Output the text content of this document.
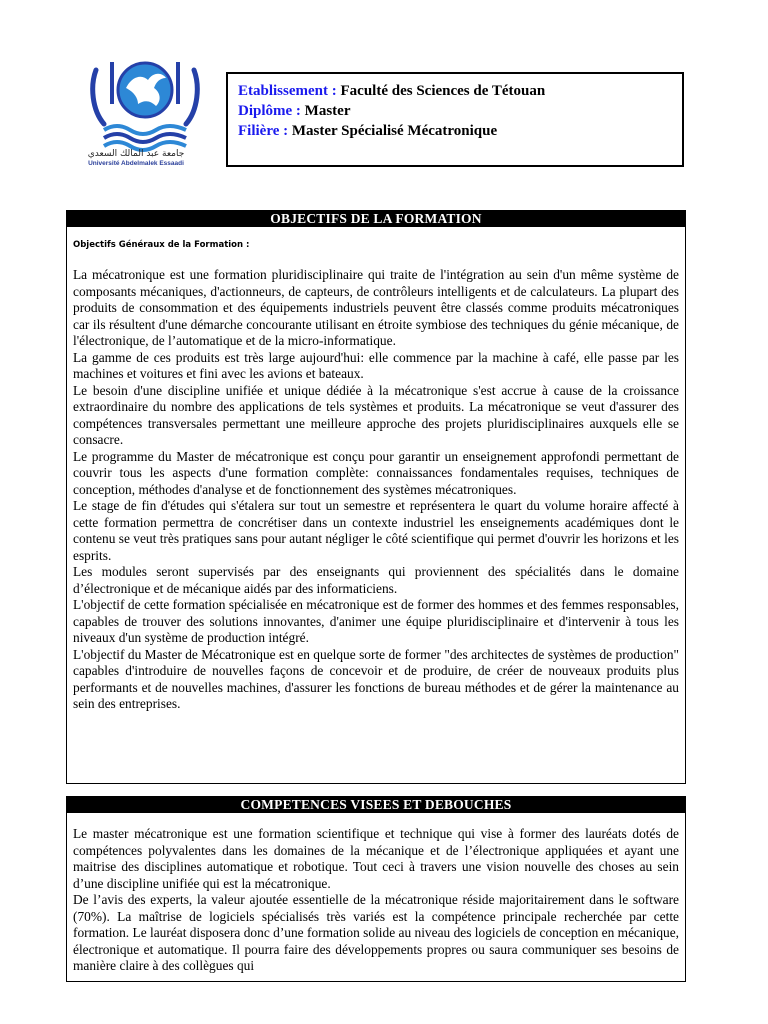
جامعة عبد المالك السعدي
Université Abdelmalek Essaadi
Etablissement : Faculté des Sciences de Tétouan
Diplôme : Master
Filière : Master Spécialisé Mécatronique
OBJECTIFS DE LA FORMATION
Objectifs Généraux de la Formation :

La mécatronique est une formation pluridisciplinaire qui traite de l'intégration au sein d'un même système de composants mécaniques, d'actionneurs, de capteurs, de contrôleurs intelligents et de calculateurs. La plupart des produits de consommation et des équipements industriels peuvent être classés comme produits mécatroniques car ils résultent d'une démarche concourante utilisant en étroite symbiose des techniques du génie mécanique, de l'électronique, de l’automatique et de la micro-informatique.

La gamme de ces produits est très large aujourd'hui: elle commence par la machine à café, elle passe par les machines et voitures et fini avec les avions et bateaux.

Le besoin d'une discipline unifiée et unique dédiée à la mécatronique s'est accrue à cause de la croissance extraordinaire du nombre des applications de tels systèmes et produits. La mécatronique se veut d'assurer des compétences transversales permettant une meilleure approche des projets pluridisciplinaires auxquels elle se consacre.

Le programme du Master de mécatronique est conçu pour garantir un enseignement approfondi permettant de couvrir tous les aspects d'une formation complète: connaissances fondamentales requises, techniques de conception, méthodes d'analyse et de fonctionnement des systèmes mécatroniques.

Le stage de fin d'études qui s'étalera sur tout un semestre et représentera le quart du volume horaire affecté à cette formation permettra de concrétiser dans un contexte industriel les enseignements académiques dont le contenu se veut très pratiques sans pour autant négliger le côté scientifique qui permet d'ouvrir les horizons et les esprits.

Les modules seront supervisés par des enseignants qui proviennent des spécialités dans le domaine d’électronique et de mécanique aidés par des informaticiens.

L'objectif de cette formation spécialisée en mécatronique est de former des hommes et des femmes responsables, capables de trouver des solutions innovantes, d'animer une équipe pluridisciplinaire et d'intervenir à tous les niveaux d'un système de production intégré.

L'objectif du Master de Mécatronique est en quelque sorte de former "des architectes de systèmes de production" capables d'introduire de nouvelles façons de concevoir et de produire, de créer de nouveaux produits plus performants et de nouvelles machines, d'assurer les fonctions de bureau méthodes et de gérer la maintenance au sein des entreprises.

COMPETENCES VISEES ET DEBOUCHES

Le master mécatronique est une formation scientifique et technique qui vise à former des lauréats dotés de compétences polyvalentes dans les domaines de la mécanique et de l’électronique appliquées et ayant une maitrise des disciplines automatique et robotique. Tout ceci à travers une vision nouvelle des choses au sein d’une discipline unifiée qui est la mécatronique.

De l’avis des experts, la valeur ajoutée essentielle de la mécatronique réside majoritairement dans le software (70%). La maîtrise de logiciels spécialisés très variés est la compétence principale recherchée par cette formation. Le lauréat disposera donc d’une formation solide au niveau des logiciels de conception en mécanique, électronique et automatique. Il pourra faire des développements propres ou saura communiquer ses besoins de manière claire à des collègues qui
